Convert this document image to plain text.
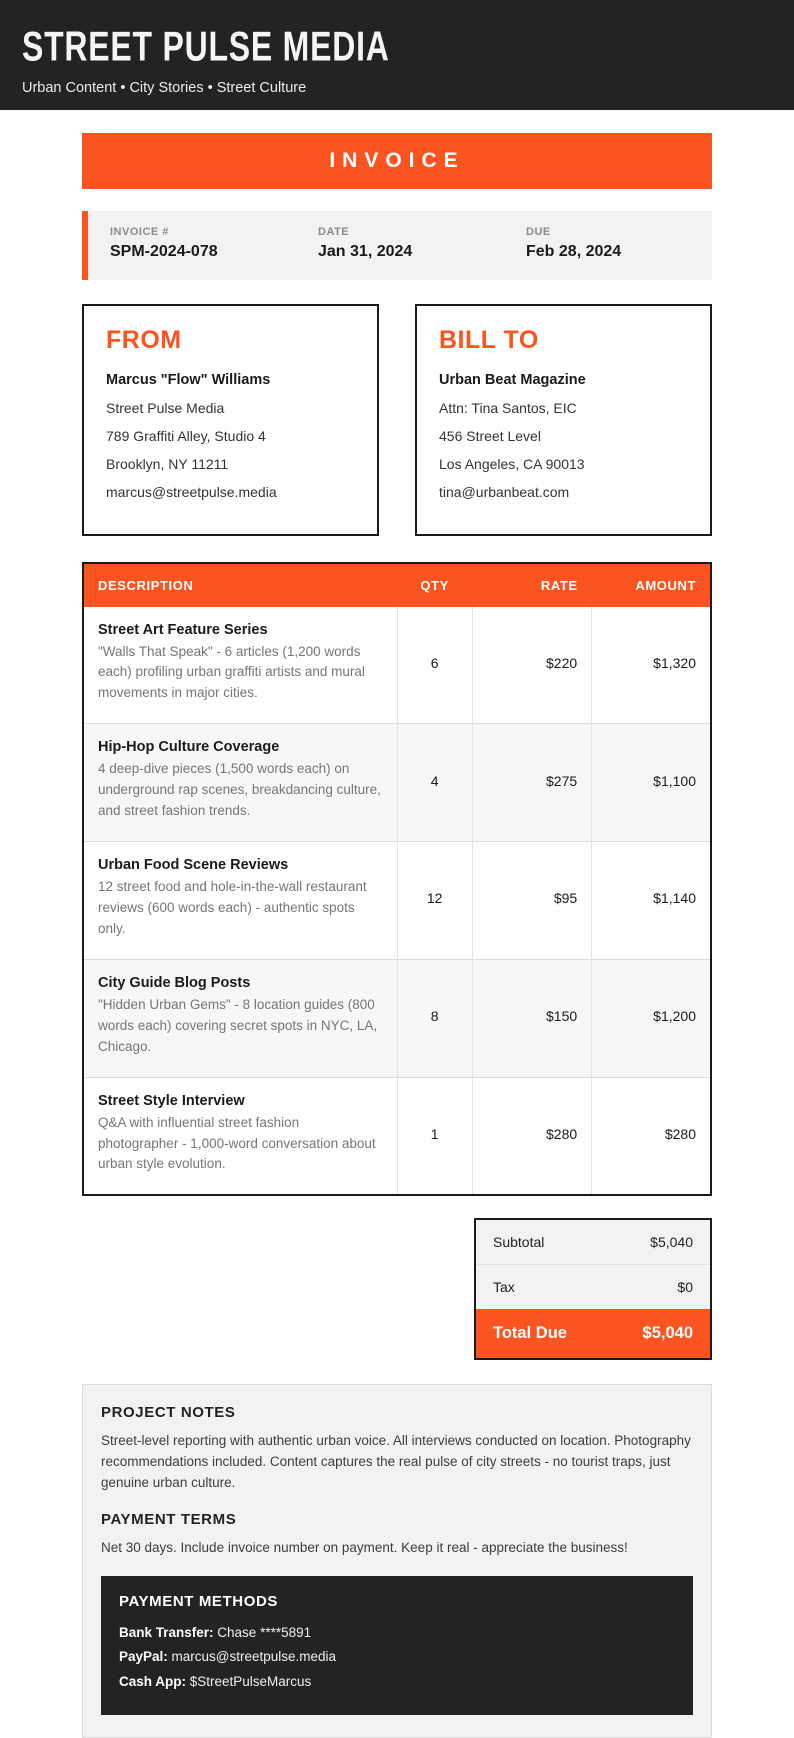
STREET PULSE MEDIA
Urban Content • City Stories • Street Culture
INVOICE
INVOICE #
SPM-2024-078
DATE
Jan 31, 2024
DUE
Feb 28, 2024
FROM
Marcus "Flow" Williams
Street Pulse Media
789 Graffiti Alley, Studio 4
Brooklyn, NY 11211
marcus@streetpulse.media
BILL TO
Urban Beat Magazine
Attn: Tina Santos, EIC
456 Street Level
Los Angeles, CA 90013
tina@urbanbeat.com
DESCRIPTION	QTY	RATE	AMOUNT

Street Art Feature Series
"Walls That Speak" - 6 articles (1,200 words each) profiling urban graffiti artists and mural movements in major cities.	6	$220	$1,320

Hip-Hop Culture Coverage
4 deep-dive pieces (1,500 words each) on underground rap scenes, breakdancing culture, and street fashion trends.	4	$275	$1,100

Urban Food Scene Reviews
12 street food and hole-in-the-wall restaurant reviews (600 words each) - authentic spots only.	12	$95	$1,140

City Guide Blog Posts
"Hidden Urban Gems" - 8 location guides (800 words each) covering secret spots in NYC, LA, Chicago.	8	$150	$1,200

Street Style Interview
Q&A with influential street fashion photographer - 1,000-word conversation about urban style evolution.	1	$280	$280
Subtotal	$5,040
Tax	$0
Total Due	$5,040
PROJECT NOTES
Street-level reporting with authentic urban voice. All interviews conducted on location. Photography recommendations included. Content captures the real pulse of city streets - no tourist traps, just genuine urban culture.
PAYMENT TERMS
Net 30 days. Include invoice number on payment. Keep it real - appreciate the business!
PAYMENT METHODS
Bank Transfer: Chase ****5891
PayPal: marcus@streetpulse.media
Cash App: $StreetPulseMarcus
